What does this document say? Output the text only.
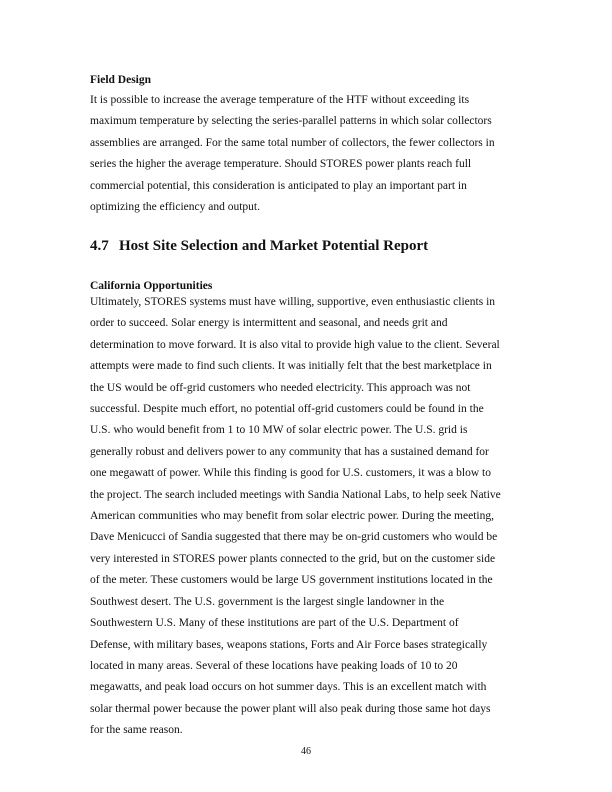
Field Design

It is possible to increase the average temperature of the HTF without exceeding its
maximum temperature by selecting the series-parallel patterns in which solar collectors
assemblies are arranged. For the same total number of collectors, the fewer collectors in
series the higher the average temperature. Should STORES power plants reach full
commercial potential, this consideration is anticipated to play an important part in
optimizing the efficiency and output.

4.7 Host Site Selection and Market Potential Report

California Opportunities

Ultimately, STORES systems must have willing, supportive, even enthusiastic clients in
order to succeed. Solar energy is intermittent and seasonal, and needs grit and
determination to move forward. It is also vital to provide high value to the client. Several
attempts were made to find such clients. It was initially felt that the best marketplace in
the US would be off-grid customers who needed electricity. This approach was not
successful. Despite much effort, no potential off-grid customers could be found in the
U.S. who would benefit from 1 to 10 MW of solar electric power. The U.S. grid is
generally robust and delivers power to any community that has a sustained demand for
one megawatt of power. While this finding is good for U.S. customers, it was a blow to
the project. The search included meetings with Sandia National Labs, to help seek Native
American communities who may benefit from solar electric power. During the meeting,
Dave Menicucci of Sandia suggested that there may be on-grid customers who would be
very interested in STORES power plants connected to the grid, but on the customer side
of the meter. These customers would be large US government institutions located in the
Southwest desert. The U.S. government is the largest single landowner in the
Southwestern U.S. Many of these institutions are part of the U.S. Department of
Defense, with military bases, weapons stations, Forts and Air Force bases strategically
located in many areas. Several of these locations have peaking loads of 10 to 20
megawatts, and peak load occurs on hot summer days. This is an excellent match with
solar thermal power because the power plant will also peak during those same hot days
for the same reason.

46
